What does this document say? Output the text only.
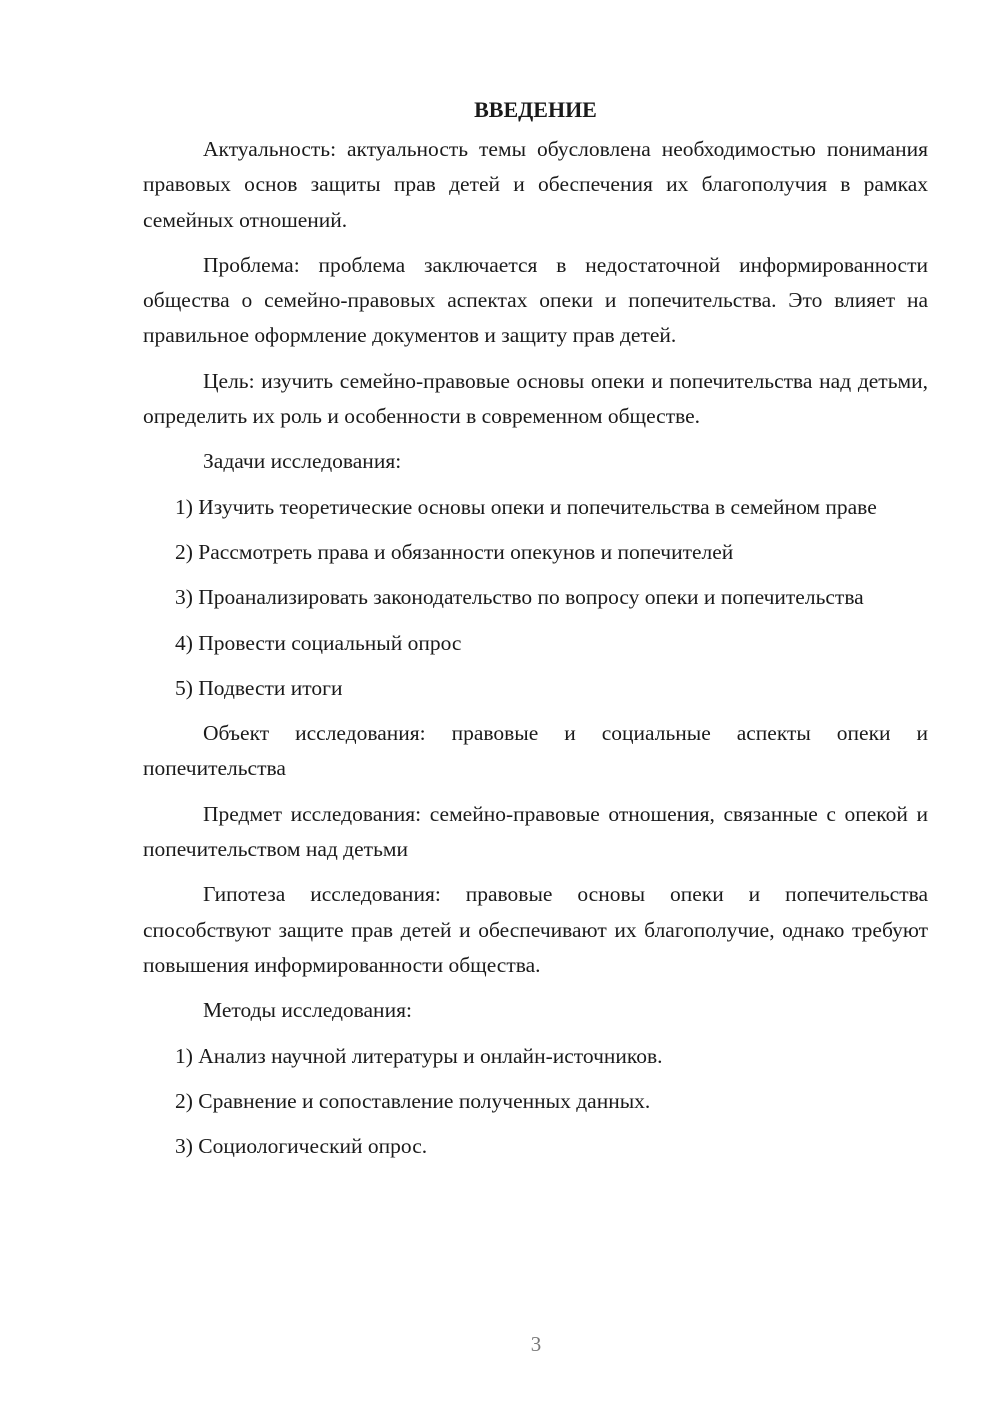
ВВЕДЕНИЕ

Актуальность: актуальность темы обусловлена необходимостью понимания правовых основ защиты прав детей и обеспечения их благополучия в рамках семейных отношений.

Проблема: проблема заключается в недостаточной информированности общества о семейно-правовых аспектах опеки и попечительства. Это влияет на правильное оформление документов и защиту прав детей.

Цель: изучить семейно-правовые основы опеки и попечительства над детьми, определить их роль и особенности в современном обществе.

Задачи исследования:

1) Изучить теоретические основы опеки и попечительства в семейном праве

2) Рассмотреть права и обязанности опекунов и попечителей

3) Проанализировать законодательство по вопросу опеки и попечительства

4) Провести социальный опрос

5) Подвести итоги

Объект исследования: правовые и социальные аспекты опеки и попечительства

Предмет исследования: семейно-правовые отношения, связанные с опекой и попечительством над детьми

Гипотеза исследования: правовые основы опеки и попечительства способствуют защите прав детей и обеспечивают их благополучие, однако требуют повышения информированности общества.

Методы исследования:

1) Анализ научной литературы и онлайн-источников.

2) Сравнение и сопоставление полученных данных.

3) Социологический опрос.

3
